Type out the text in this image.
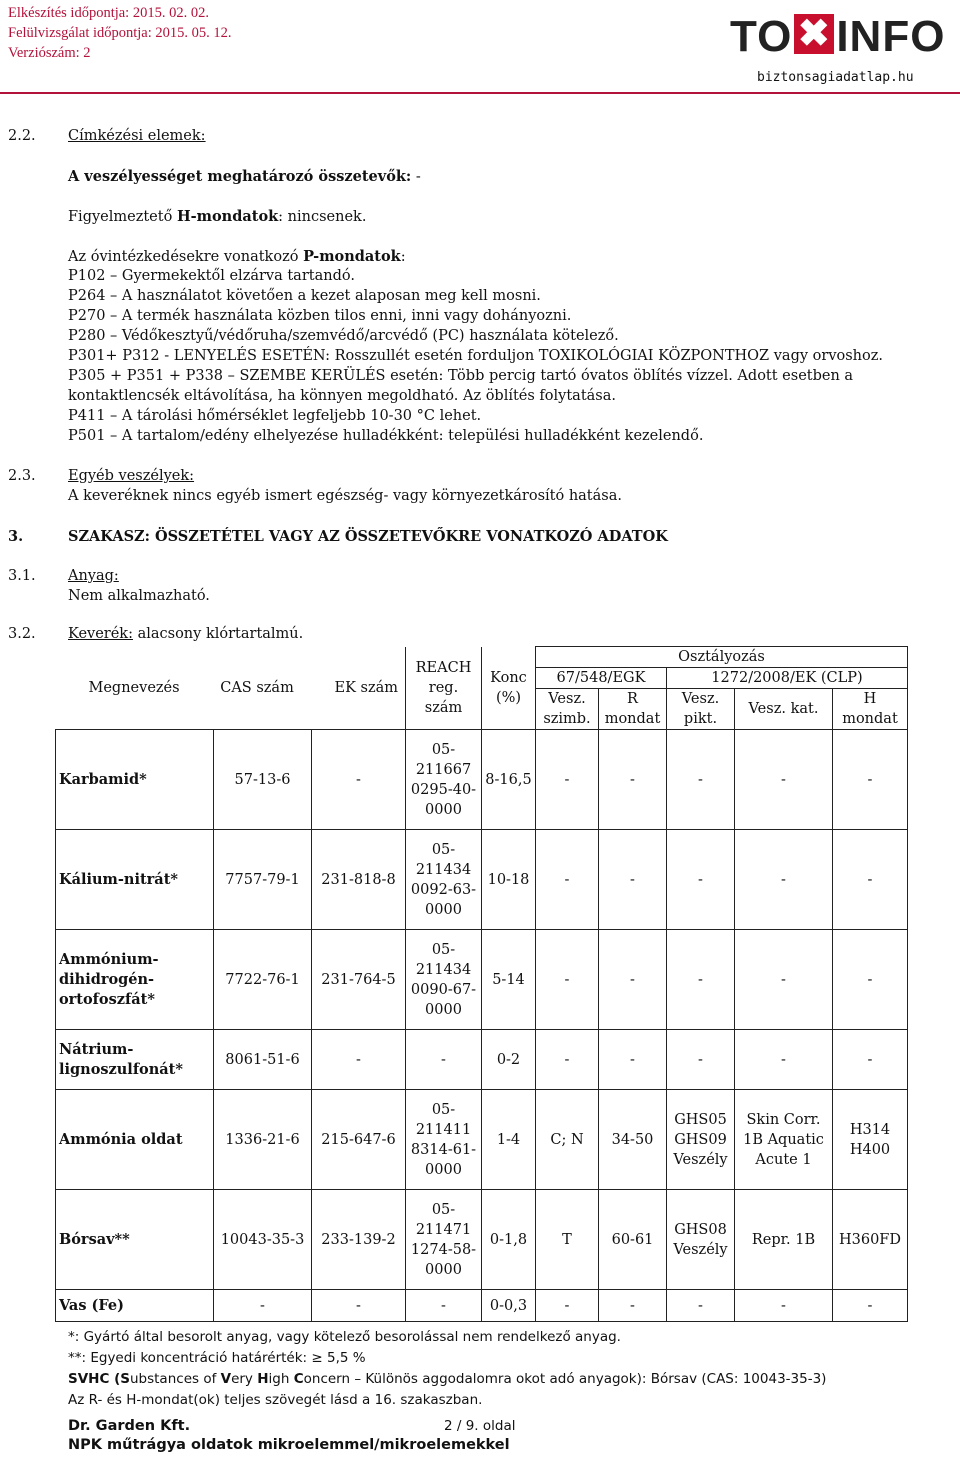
Elkészítés időpontja: 2015. 02. 02.
Felülvizsgálat időpontja: 2015. 05. 12.
Verziószám: 2	TO ✖ INFO
biztonsagiadatlap.hu
2.2. Címkézési elemek:
A veszélyességet meghatározó összetevők: -
Figyelmeztető H-mondatok: nincsenek.
Az óvintézkedésekre vonatkozó P-mondatok:
P102 – Gyermekektől elzárva tartandó.
P264 – A használatot követően a kezet alaposan meg kell mosni.
P270 – A termék használata közben tilos enni, inni vagy dohányozni.
P280 – Védőkesztyű/védőruha/szemvédő/arcvédő (PC) használata kötelező.
P301+ P312 - LENYELÉS ESETÉN: Rosszullét esetén forduljon TOXIKOLÓGIAI KÖZPONTHOZ vagy orvoshoz.
P305 + P351 + P338 – SZEMBE KERÜLÉS esetén: Több percig tartó óvatos öblítés vízzel. Adott esetben a
kontaktlencsék eltávolítása, ha könnyen megoldható. Az öblítés folytatása.
P411 – A tárolási hőmérséklet legfeljebb 10-30 °C lehet.
P501 – A tartalom/edény elhelyezése hulladékként: települési hulladékként kezelendő.
2.3. Egyéb veszélyek:
A keveréknek nincs egyéb ismert egészség- vagy környezetkárosító hatása.
3.	SZAKASZ: ÖSSZETÉTEL VAGY AZ ÖSSZETEVŐKRE VONATKOZÓ ADATOK
3.1. Anyag:
Nem alkalmazható.
3.2. Keverék: alacsony klórtartalmú.
Megnevezés CAS szám EK szám			REACH reg. szám	Konc (%)	Osztályozás				
					67/548/EGK		1272/2008/EK (CLP)		
					Vesz. szimb.	R mondat	Vesz. pikt.	Vesz. kat.	H mondat
Karbamid*	57-13-6	-	05-211667 0295-40-0000	8-16,5	-	-	-	-	-
Kálium-nitrát*	7757-79-1	231-818-8	05-211434 0092-63-0000	10-18	-	-	-	-	-
Ammónium-dihidrogén-ortofoszfát*	7722-76-1	231-764-5	05-211434 0090-67-0000	5-14	-	-	-	-	-
Nátrium-lignoszulfonát*	8061-51-6	-	-	0-2	-	-	-	-	-
Ammónia oldat	1336-21-6	215-647-6	05-211411 8314-61-0000	1-4	C; N	34-50	GHS05 GHS09 Veszély	Skin Corr. 1B Aquatic Acute 1	H314 H400
Bórsav**	10043-35-3	233-139-2	05-211471 1274-58-0000	0-1,8	T	60-61	GHS08 Veszély	Repr. 1B	H360FD
Vas (Fe)	-	-	-	0-0,3	-	-	-	-	-
*: Gyártó által besorolt anyag, vagy kötelező besorolással nem rendelkező anyag.
**: Egyedi koncentráció határérték: ≥ 5,5 %
SVHC (Substances of Very High Concern – Különös aggodalomra okot adó anyagok): Bórsav (CAS: 10043-35-3)
Az R- és H-mondat(ok) teljes szövegét lásd a 16. szakaszban.
Dr. Garden Kft.	2 / 9. oldal
NPK műtrágya oldatok mikroelemmel/mikroelemekkel
